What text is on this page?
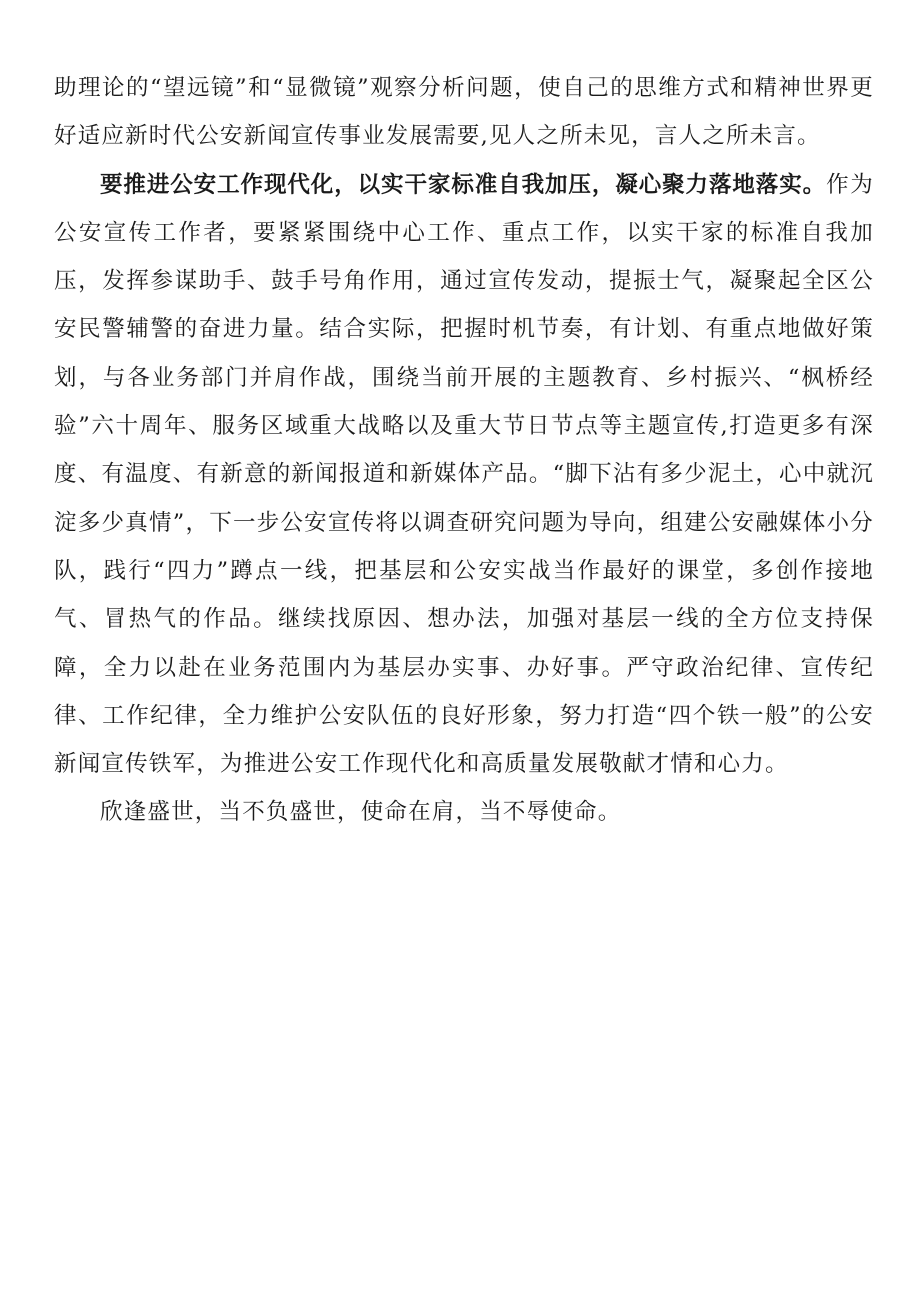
助理论的“望远镜”和“显微镜”观察分析问题，使自己的思维方式和精神世界更好适应新时代公安新闻宣传事业发展需要,见人之所未见，言人之所未言。

要推进公安工作现代化，以实干家标准自我加压，凝心聚力落地落实。作为公安宣传工作者，要紧紧围绕中心工作、重点工作，以实干家的标准自我加压，发挥参谋助手、鼓手号角作用，通过宣传发动，提振士气，凝聚起全区公安民警辅警的奋进力量。结合实际，把握时机节奏，有计划、有重点地做好策划，与各业务部门并肩作战，围绕当前开展的主题教育、乡村振兴、“枫桥经验”六十周年、服务区域重大战略以及重大节日节点等主题宣传,打造更多有深度、有温度、有新意的新闻报道和新媒体产品。“脚下沾有多少泥土，心中就沉淀多少真情”，下一步公安宣传将以调查研究问题为导向，组建公安融媒体小分队，践行“四力”蹲点一线，把基层和公安实战当作最好的课堂，多创作接地气、冒热气的作品。继续找原因、想办法，加强对基层一线的全方位支持保障，全力以赴在业务范围内为基层办实事、办好事。严守政治纪律、宣传纪律、工作纪律，全力维护公安队伍的良好形象，努力打造“四个铁一般”的公安新闻宣传铁军，为推进公安工作现代化和高质量发展敬献才情和心力。

欣逢盛世，当不负盛世，使命在肩，当不辱使命。
